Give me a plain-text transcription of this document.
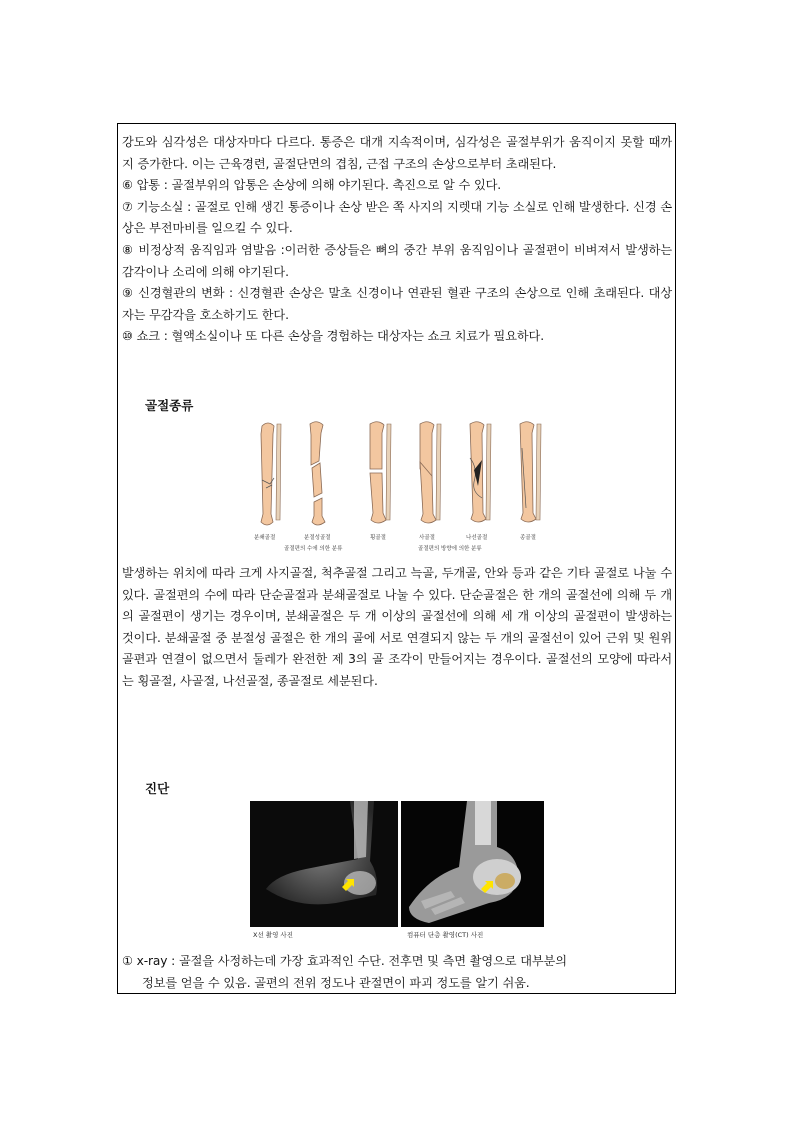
강도와 심각성은 대상자마다 다르다. 통증은 대개 지속적이며, 심각성은 골절부위가 움직이지 못할 때까지 증가한다. 이는 근육경련, 골절단면의 겹침, 근접 구조의 손상으로부터 초래된다.

⑥ 압통 : 골절부위의 압통은 손상에 의해 야기된다. 촉진으로 알 수 있다.

⑦ 기능소실 : 골절로 인해 생긴 통증이나 손상 받은 쪽 사지의 지렛대 기능 소실로 인해 발생한다. 신경 손상은 부전마비를 일으킬 수 있다.

⑧ 비정상적 움직임과 염발음 :이러한 증상들은 뼈의 중간 부위 움직임이나 골절편이 비벼져서 발생하는 감각이나 소리에 의해 야기된다.

⑨ 신경혈관의 변화 : 신경혈관 손상은 말초 신경이나 연관된 혈관 구조의 손상으로 인해 초래된다. 대상자는 무감각을 호소하기도 한다.

⑩ 쇼크 : 혈액소실이나 또 다른 손상을 경험하는 대상자는 쇼크 치료가 필요하다.

골절종류
분쇄골절	분절성골절	횡골절	사골절	나선골절	종골절
골절편의 수에 의한 분류	골절편의 방향에 의한 분류
발생하는 위치에 따라 크게 사지골절, 척추골절 그리고 늑골, 두개골, 안와 등과 같은 기타 골절로 나눌 수 있다. 골절편의 수에 따라 단순골절과 분쇄골절로 나눌 수 있다. 단순골절은 한 개의 골절선에 의해 두 개의 골절편이 생기는 경우이며, 분쇄골절은 두 개 이상의 골절선에 의해 세 개 이상의 골절편이 발생하는 것이다. 분쇄골절 중 분절성 골절은 한 개의 골에 서로 연결되지 않는 두 개의 골절선이 있어 근위 및 원위 골편과 연결이 없으면서 둘레가 완전한 제 3의 골 조각이 만들어지는 경우이다. 골절선의 모양에 따라서는 횡골절, 사골절, 나선골절, 종골절로 세분된다.
진단
X선 촬영 사진	컴퓨터 단층 촬영(CT) 사진

① x-ray : 골절을 사정하는데 가장 효과적인 수단. 전후면 및 측면 촬영으로 대부분의

정보를 얻을 수 있음. 골편의 전위 정도나 관절면이 파괴 정도를 알기 쉬움.
